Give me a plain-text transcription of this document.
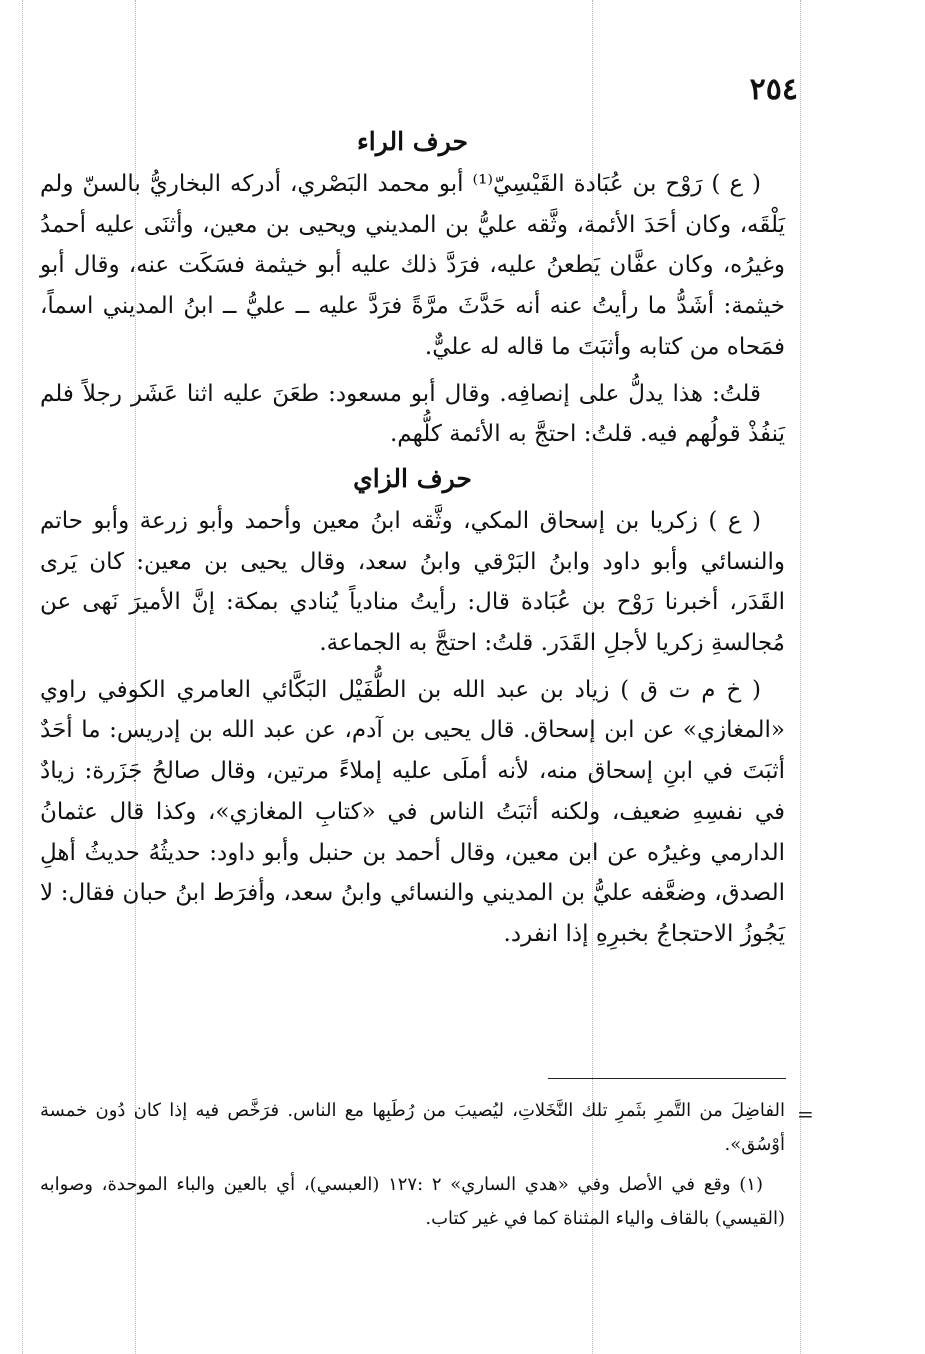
٢٥٤
حرف الراء

( ع ) رَوْح بن عُبَادة القَيْسِيّ⁽¹⁾ أبو محمد البَصْري، أدركه البخاريُّ بالسنّ ولم يَلْقَه، وكان أحَدَ الأئمة، وثَّقه عليُّ بن المديني ويحيى بن معين، وأثنَى عليه أحمدُ وغيرُه، وكان عفَّان يَطعنُ عليه، فرَدَّ ذلك عليه أبو خيثمة فسَكَت عنه، وقال أبو خيثمة: أشَدُّ ما رأيتُ عنه أنه حَدَّثَ مرَّةً فرَدَّ عليه ــ عليُّ ــ ابنُ المديني اسماً، فمَحاه من كتابه وأثبَتَ ما قاله له عليٌّ.

قلتُ: هذا يدلُّ على إنصافِه. وقال أبو مسعود: طعَنَ عليه اثنا عَشَر رجلاً فلم يَنفُذْ قولُهم فيه. قلتُ: احتجَّ به الأئمة كلُّهم.

حرف الزاي

( ع ) زكريا بن إسحاق المكي، وثَّقه ابنُ معين وأحمد وأبو زرعة وأبو حاتم والنسائي وأبو داود وابنُ البَرْقي وابنُ سعد، وقال يحيى بن معين: كان يَرى القَدَر، أخبرنا رَوْح بن عُبَادة قال: رأيتُ منادياً يُنادي بمكة: إنَّ الأميرَ نَهى عن مُجالسةِ زكريا لأجلِ القَدَر. قلتُ: احتجَّ به الجماعة.

( خ م ت ق ) زياد بن عبد الله بن الطُّفَيْل البَكَّائي العامري الكوفي راوي «المغازي» عن ابن إسحاق. قال يحيى بن آدم، عن عبد الله بن إدريس: ما أحَدٌ أثبَتَ في ابنِ إسحاق منه، لأنه أملَى عليه إملاءً مرتين، وقال صالحُ جَزَرة: زيادٌ في نفسِهِ ضعيف، ولكنه أثبَتُ الناس في «كتابِ المغازي»، وكذا قال عثمانُ الدارمي وغيرُه عن ابن معين، وقال أحمد بن حنبل وأبو داود: حديثُهُ حديثُ أهلِ الصدق، وضعَّفه عليُّ بن المديني والنسائي وابنُ سعد، وأفرَط ابنُ حبان فقال: لا يَجُوزُ الاحتجاجُ بخبرِهِ إذا انفرد.

=

الفاضِلَ من التَّمرِ بثَمرِ تلك النَّخَلاتِ، ليُصيبَ من رُطَبِها مع الناس. فرَخَّص فيه إذا كان دُون خمسة أوْسُق».

(١) وقع في الأصل وفي «هدي الساري» ٢ :١٢٧ (العبسي)، أي بالعين والباء الموحدة، وصوابه (القيسي) بالقاف والياء المثناة كما في غير كتاب.
